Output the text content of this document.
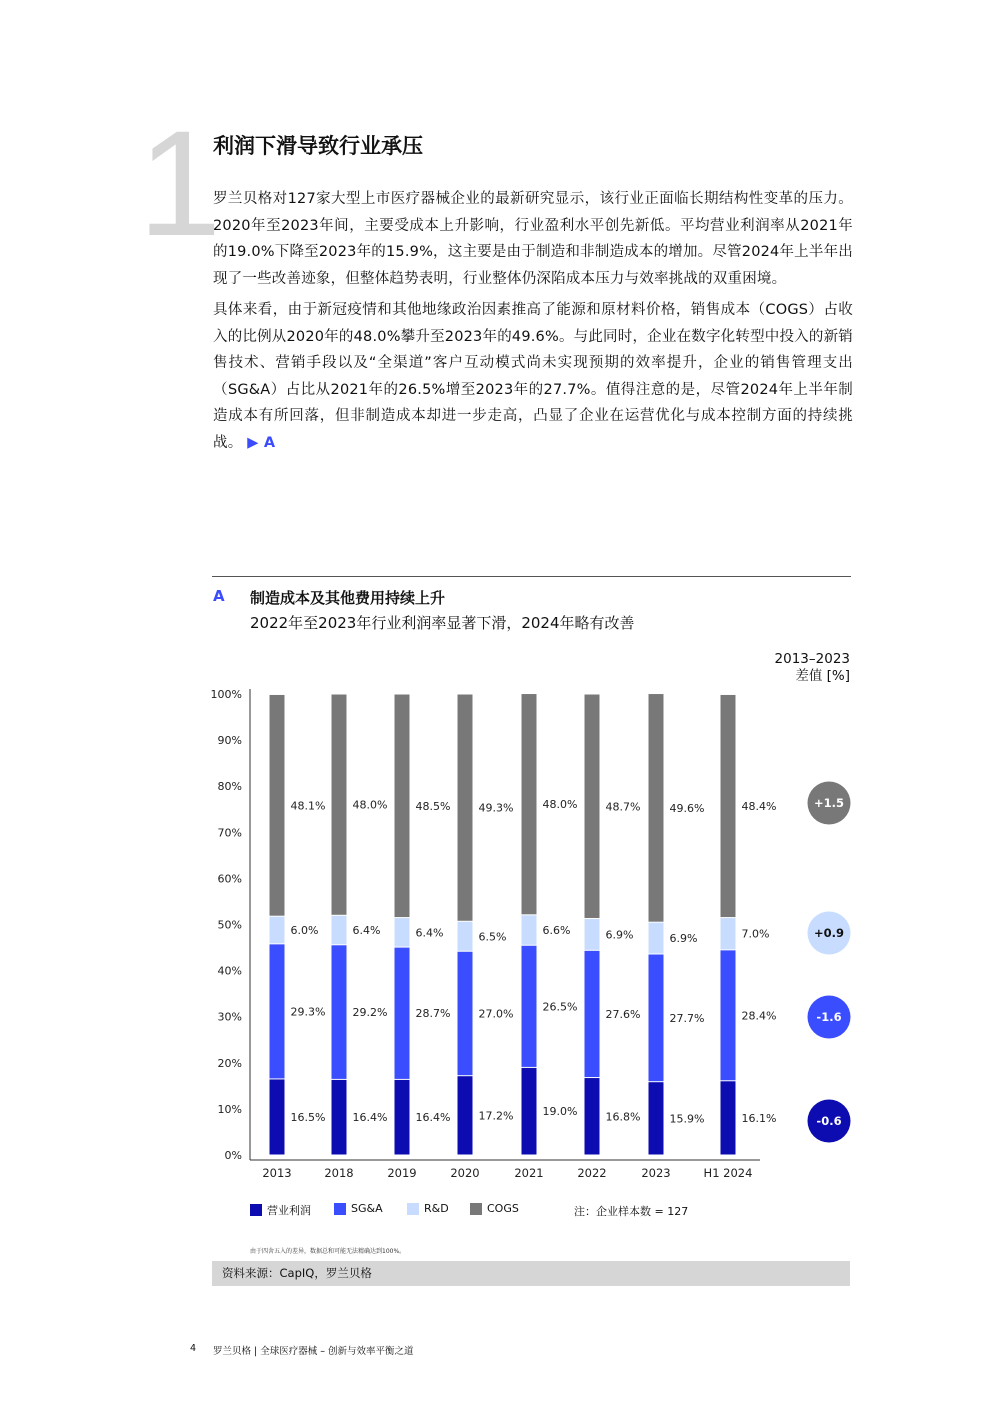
1
利润下滑导致行业承压
罗兰贝格对127家大型上市医疗器械企业的最新研究显示，该行业正面临长期结构性变革的压力。2020年至2023年间，主要受成本上升影响，行业盈利水平创先新低。平均营业利润率从2021年的19.0%下降至2023年的15.9%，这主要是由于制造和非制造成本的增加。尽管2024年上半年出现了一些改善迹象，但整体趋势表明，行业整体仍深陷成本压力与效率挑战的双重困境。
具体来看，由于新冠疫情和其他地缘政治因素推高了能源和原材料价格，销售成本（COGS）占收入的比例从2020年的48.0%攀升至2023年的49.6%。与此同时，企业在数字化转型中投入的新销售技术、营销手段以及“全渠道”客户互动模式尚未实现预期的效率提升，企业的销售管理支出（SG&A）占比从2021年的26.5%增至2023年的27.7%。值得注意的是，尽管2024年上半年制造成本有所回落，但非制造成本却进一步走高，凸显了企业在运营优化与成本控制方面的持续挑战。 ▶ A
A 制造成本及其他费用持续上升
2022年至2023年行业利润率显著下滑，2024年略有改善
2013–2023
差值 [%]
0%
10%
20%
30%
40%
50%
60%
70%
80%
90%
100%
2013
16.5%
29.3%
6.0%
48.1%
2018
16.4%
29.2%
6.4%
48.0%
2019
16.4%
28.7%
6.4%
48.5%
2020
17.2%
27.0%
6.5%
49.3%
2021
19.0%
26.5%
6.6%
48.0%
2022
16.8%
27.6%
6.9%
48.7%
2023
15.9%
27.7%
6.9%
49.6%
H1 2024
16.1%
28.4%
7.0%
48.4%
-0.6
-1.6
+0.9
+1.5
营业利润	SG&A	R&D	COGS	注：企业样本数 = 127
由于四舍五入的差异，数据总和可能无法精确达到100%。
资料来源：CapIQ，罗兰贝格
4 罗兰贝格 | 全球医疗器械 – 创新与效率平衡之道
